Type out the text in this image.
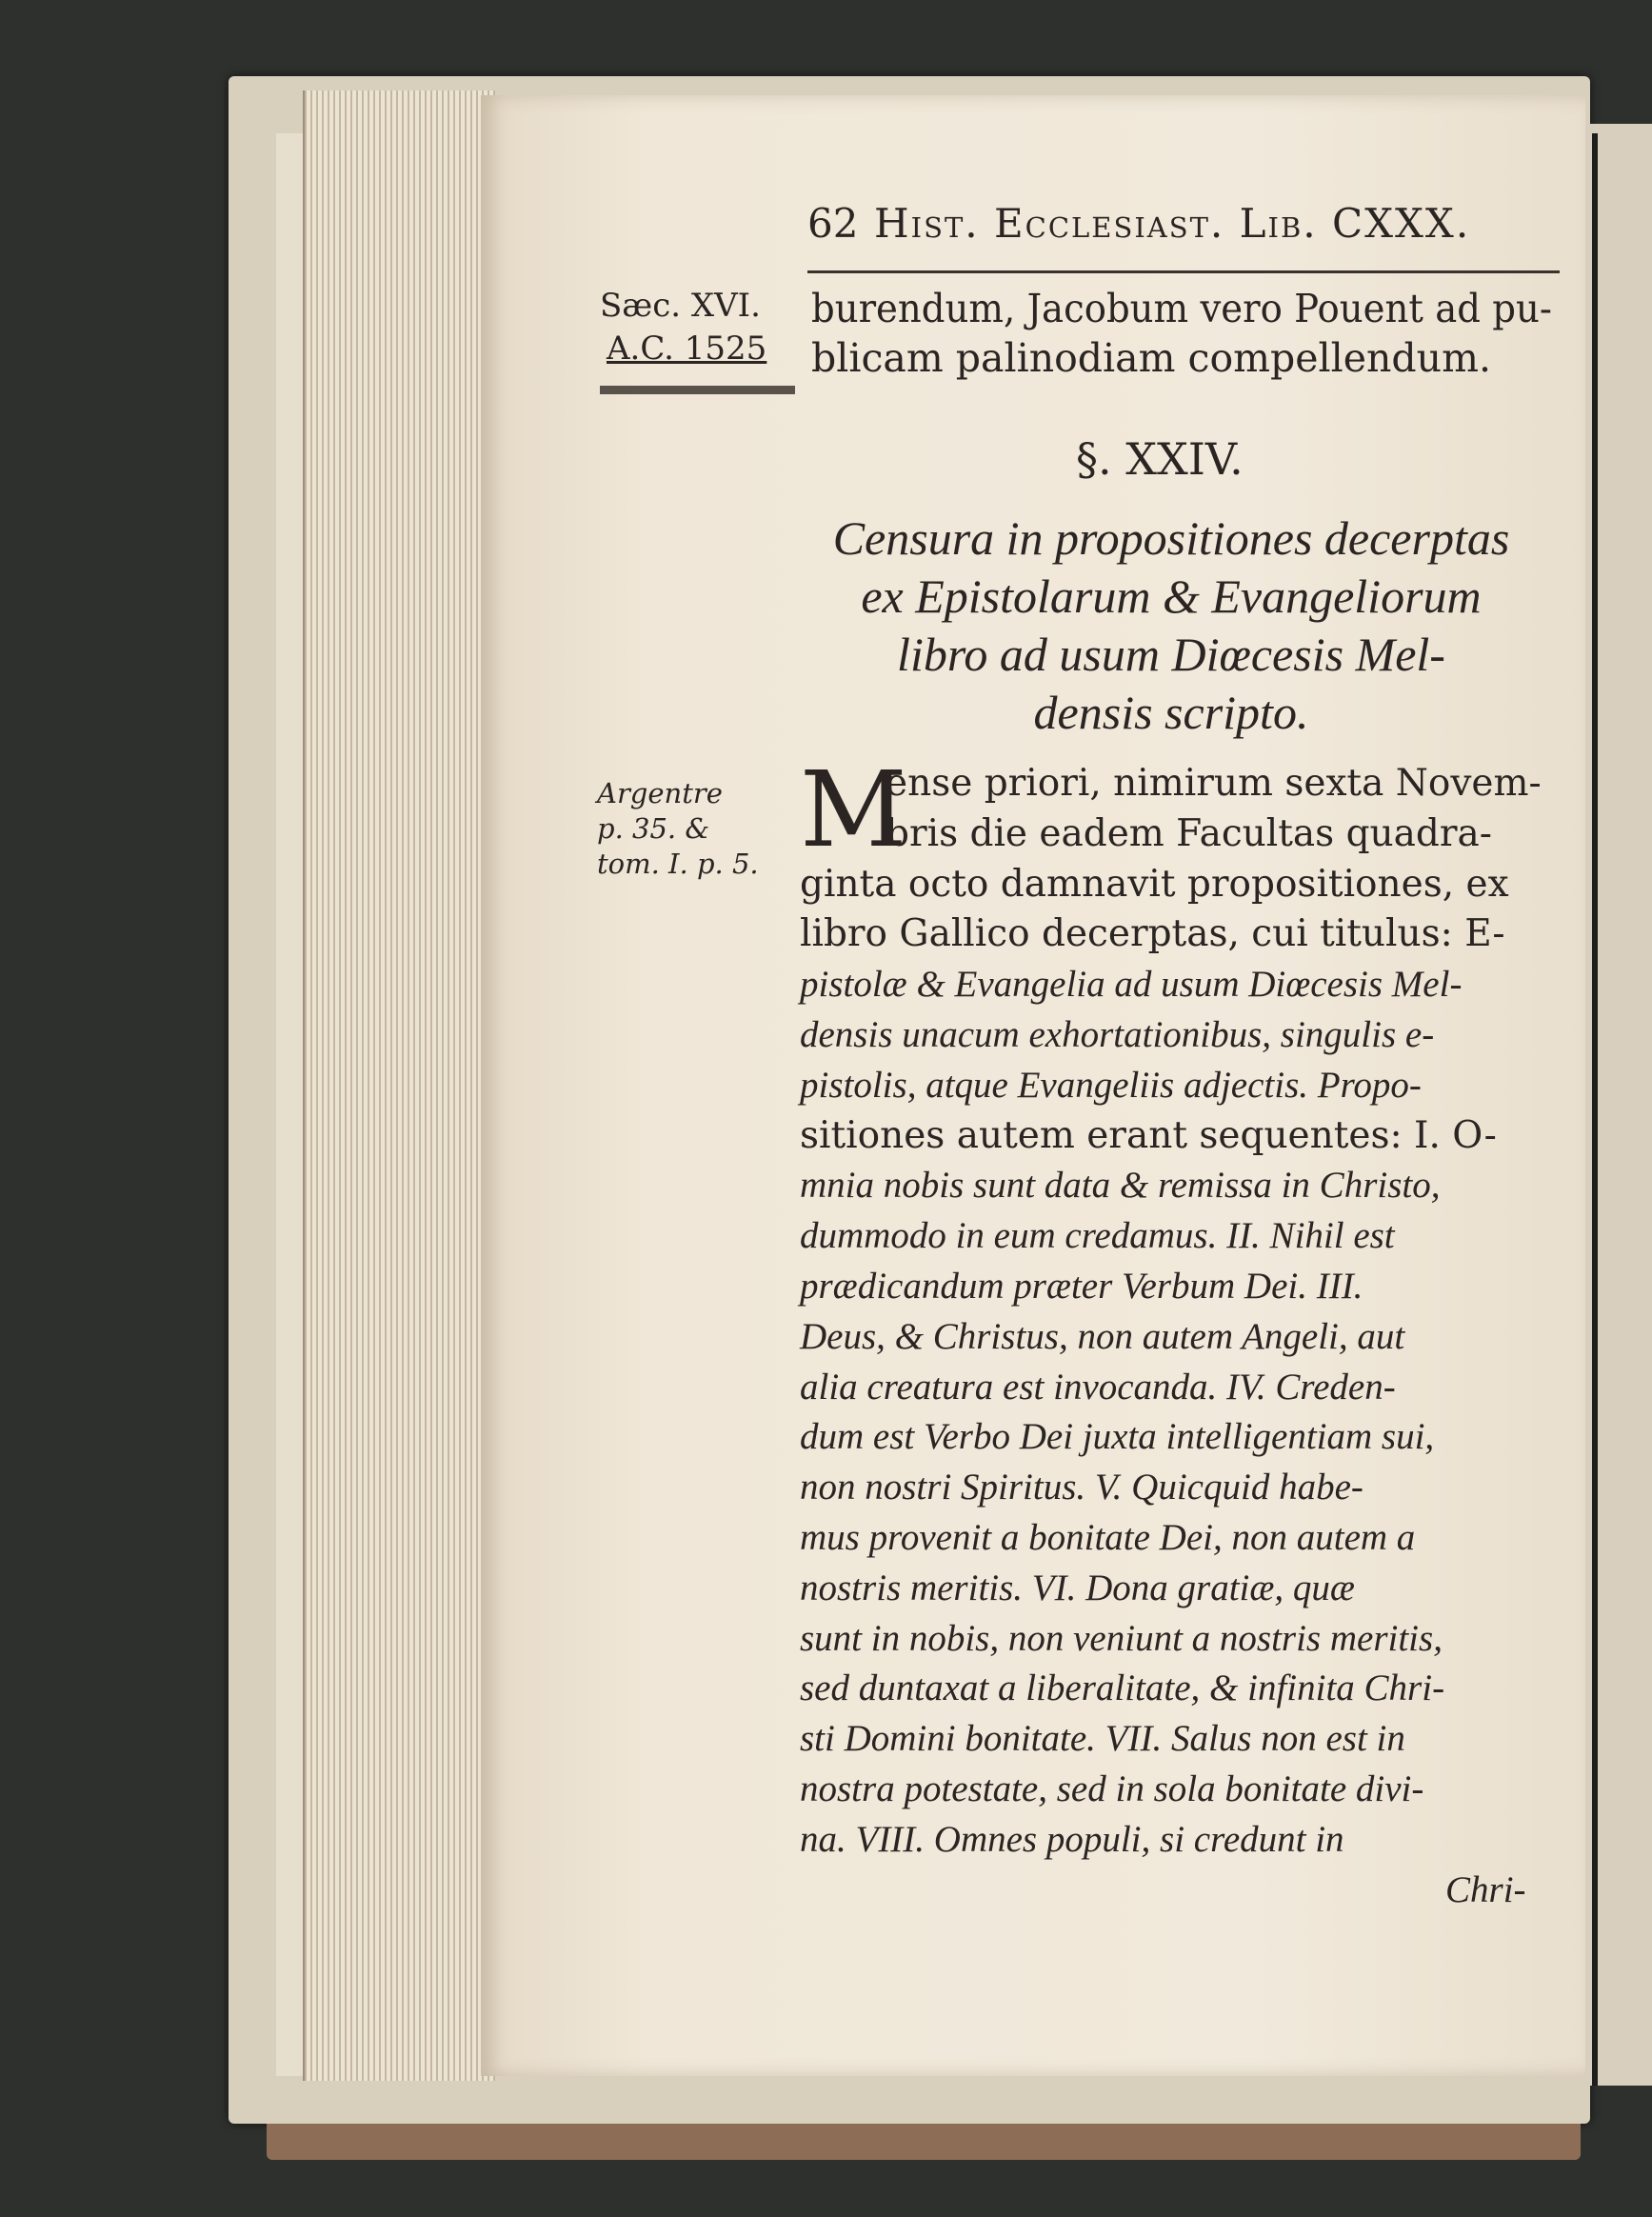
62 Hist. Ecclesiast. Lib. CXXX.
Sæc. XVI.
A.C. 1525
Argentre
p. 35. &
tom. I. p. 5.
burendum, Jacobum vero Pouent ad pu-
blicam palinodiam compellendum.
§. XXIV.
Censura in propositiones decerptas
ex Epistolarum & Evangeliorum
libro ad usum Diœcesis Mel-
densis scripto.
M
ense priori, nimirum sexta Novem-
bris die eadem Facultas quadra-
ginta octo damnavit propositiones, ex
libro Gallico decerptas, cui titulus: E-
pistolæ & Evangelia ad usum Diœcesis Mel-
densis unacum exhortationibus, singulis e-
pistolis, atque Evangeliis adjectis. Propo-
sitiones autem erant sequentes: I. O-
mnia nobis sunt data & remissa in Christo,
dummodo in eum credamus. II. Nihil est
prædicandum præter Verbum Dei. III.
Deus, & Christus, non autem Angeli, aut
alia creatura est invocanda. IV. Creden-
dum est Verbo Dei juxta intelligentiam sui,
non nostri Spiritus. V. Quicquid habe-
mus provenit a bonitate Dei, non autem a
nostris meritis. VI. Dona gratiæ, quæ
sunt in nobis, non veniunt a nostris meritis,
sed duntaxat a liberalitate, & infinita Chri-
sti Domini bonitate. VII. Salus non est in
nostra potestate, sed in sola bonitate divi-
na. VIII. Omnes populi, si credunt in
Chri-
